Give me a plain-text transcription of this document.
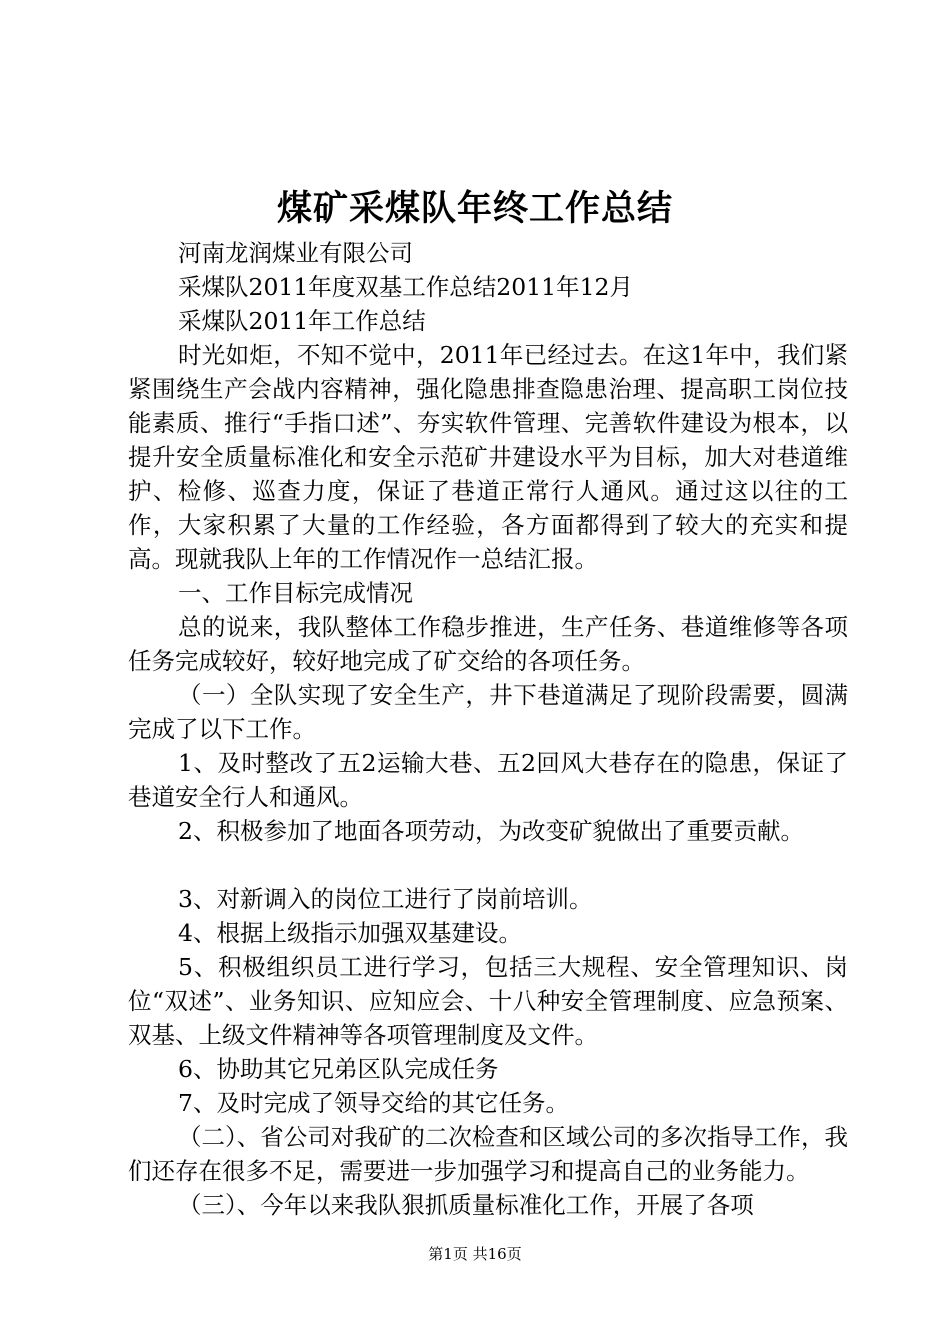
煤矿采煤队年终工作总结

河南龙润煤业有限公司

采煤队2011年度双基工作总结2011年12月

采煤队2011年工作总结

时光如炬，不知不觉中，2011年已经过去。在这1年中，我们紧紧围绕生产会战内容精神，强化隐患排查隐患治理、提高职工岗位技能素质、推行“手指口述”、夯实软件管理、完善软件建设为根本，以提升安全质量标准化和安全示范矿井建设水平为目标，加大对巷道维护、检修、巡查力度，保证了巷道正常行人通风。通过这以往的工作，大家积累了大量的工作经验，各方面都得到了较大的充实和提高。现就我队上年的工作情况作一总结汇报。

一、工作目标完成情况

总的说来，我队整体工作稳步推进，生产任务、巷道维修等各项任务完成较好，较好地完成了矿交给的各项任务。

（一）全队实现了安全生产，井下巷道满足了现阶段需要，圆满完成了以下工作。

1、及时整改了五2运输大巷、五2回风大巷存在的隐患，保证了巷道安全行人和通风。

2、积极参加了地面各项劳动，为改变矿貌做出了重要贡献。

3、对新调入的岗位工进行了岗前培训。

4、根据上级指示加强双基建设。

5、积极组织员工进行学习，包括三大规程、安全管理知识、岗位“双述”、业务知识、应知应会、十八种安全管理制度、应急预案、双基、上级文件精神等各项管理制度及文件。

6、协助其它兄弟区队完成任务

7、及时完成了领导交给的其它任务。

（二）、省公司对我矿的二次检查和区域公司的多次指导工作，我们还存在很多不足，需要进一步加强学习和提高自己的业务能力。

（三）、今年以来我队狠抓质量标准化工作，开展了各项

第1页 共16页
